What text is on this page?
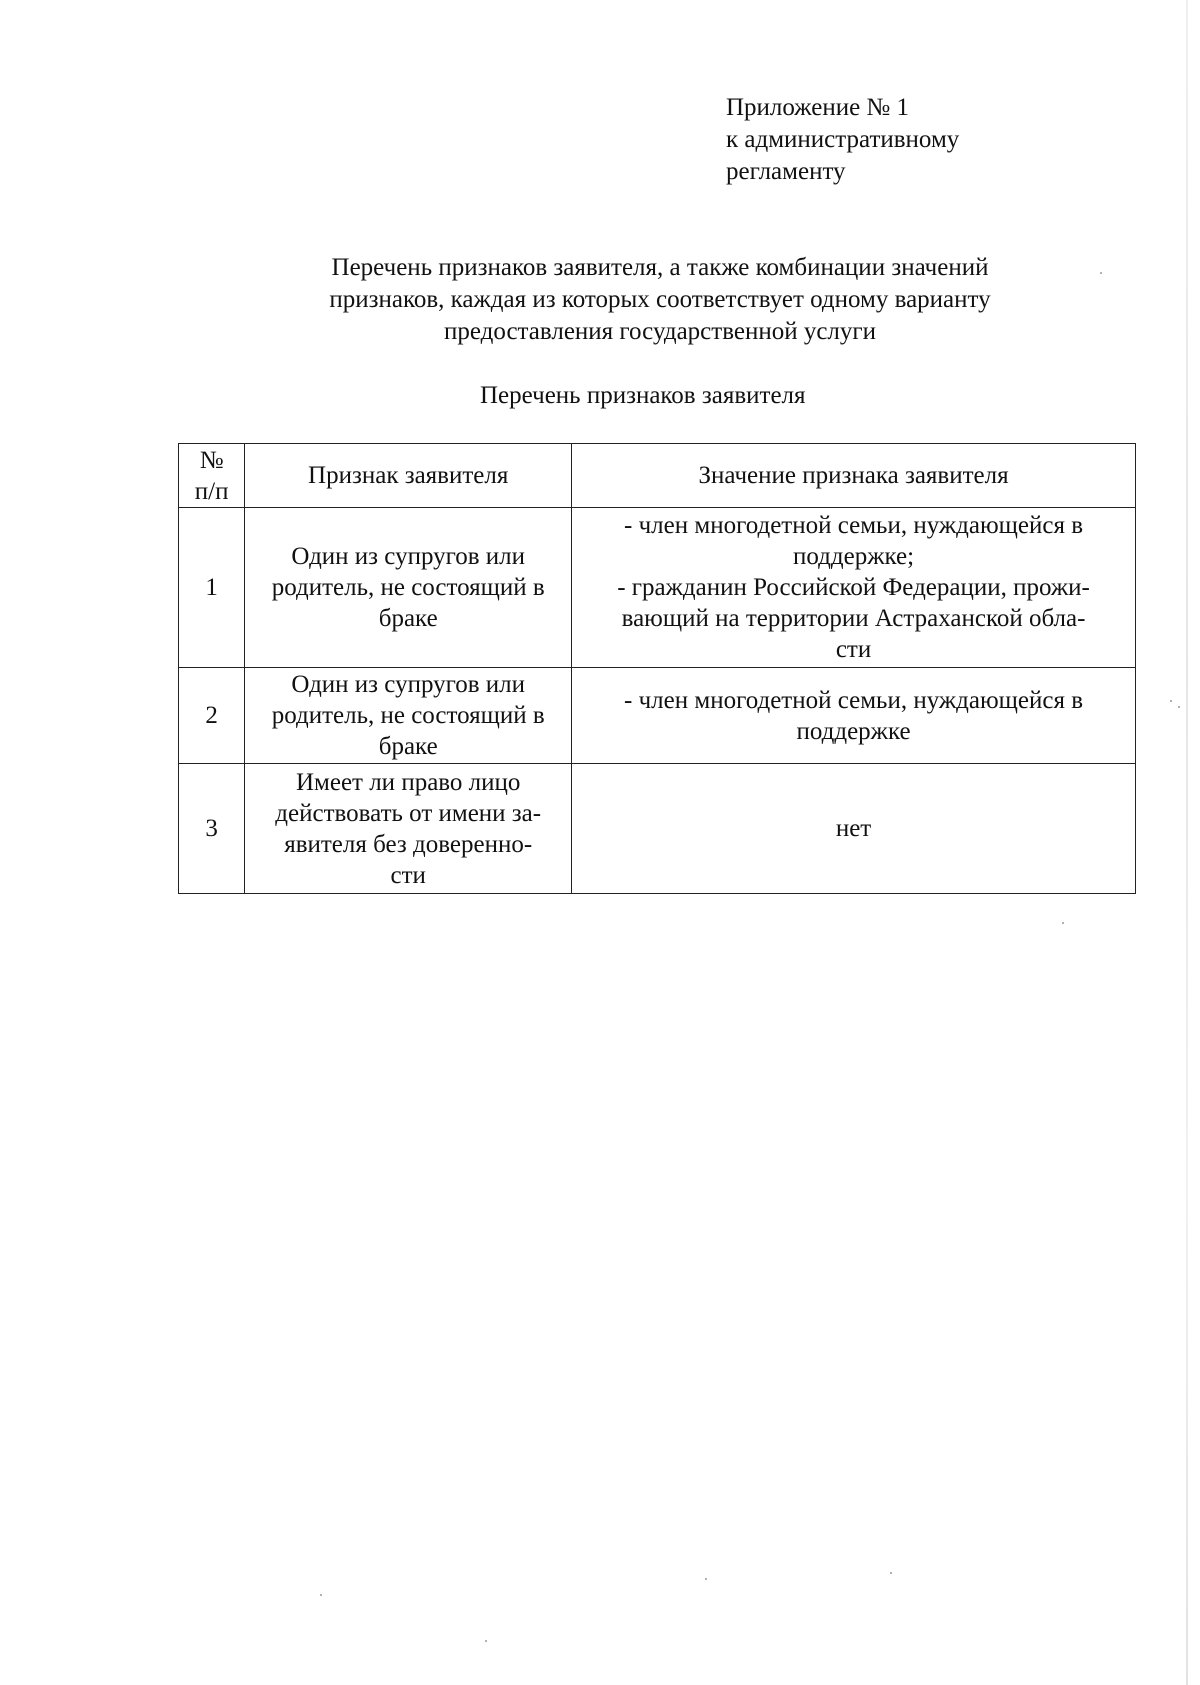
Приложение № 1
к административному
регламенту
Перечень признаков заявителя, а также комбинации значений
признаков, каждая из которых соответствует одному варианту
предоставления государственной услуги
Перечень признаков заявителя
№
п/п	Признак заявителя	Значение признака заявителя
1	Один из супругов или
родитель, не состоящий в
браке	- член многодетной семьи, нуждающейся в
поддержке;
- гражданин Российской Федерации, прожи-
вающий на территории Астраханской обла-
сти

2	Один из супругов или
родитель, не состоящий в
браке	- член многодетной семьи, нуждающейся в
поддержке

3	Имеет ли право лицо
действовать от имени за-
явителя без доверенно-
сти	нет
